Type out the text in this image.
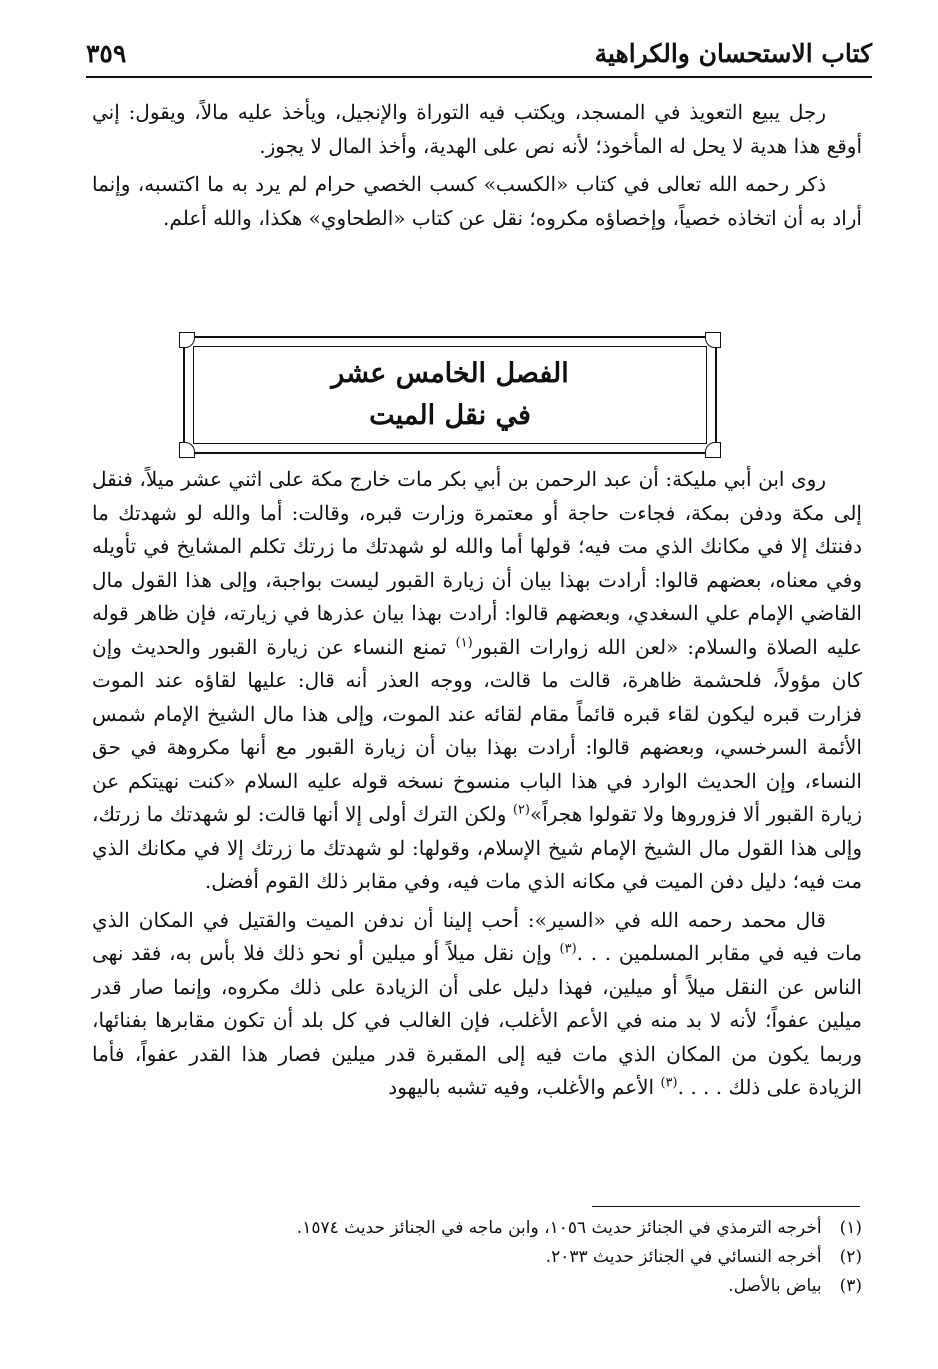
كتاب الاستحسان والكراهية
٣٥٩

رجل يبيع التعويذ في المسجد، ويكتب فيه التوراة والإنجيل، ويأخذ عليه مالاً، ويقول: إني أوقع هذا هدية لا يحل له المأخوذ؛ لأنه نص على الهدية، وأخذ المال لا يجوز.

ذكر رحمه الله تعالى في كتاب «الكسب» كسب الخصي حرام لم يرد به ما اكتسبه، وإنما أراد به أن اتخاذه خصياً، وإخصاؤه مكروه؛ نقل عن كتاب «الطحاوي» هكذا، والله أعلم.

الفصل الخامس عشر
في نقل الميت

روى ابن أبي مليكة: أن عبد الرحمن بن أبي بكر مات خارج مكة على اثني عشر ميلاً، فنقل إلى مكة ودفن بمكة، فجاءت حاجة أو معتمرة وزارت قبره، وقالت: أما والله لو شهدتك ما دفنتك إلا في مكانك الذي مت فيه؛ قولها أما والله لو شهدتك ما زرتك تكلم المشايخ في تأويله وفي معناه، بعضهم قالوا: أرادت بهذا بيان أن زيارة القبور ليست بواجبة، وإلى هذا القول مال القاضي الإمام علي السغدي، وبعضهم قالوا: أرادت بهذا بيان عذرها في زيارته، فإن ظاهر قوله عليه الصلاة والسلام: «لعن الله زوارات القبور$^{(١)}$ تمنع النساء عن زيارة القبور والحديث وإن كان مؤولاً، فلحشمة ظاهرة، قالت ما قالت، ووجه العذر أنه قال: عليها لقاؤه عند الموت فزارت قبره ليكون لقاء قبره قائماً مقام لقائه عند الموت، وإلى هذا مال الشيخ الإمام شمس الأئمة السرخسي، وبعضهم قالوا: أرادت بهذا بيان أن زيارة القبور مع أنها مكروهة في حق النساء، وإن الحديث الوارد في هذا الباب منسوخ نسخه قوله عليه السلام «كنت نهيتكم عن زيارة القبور ألا فزوروها ولا تقولوا هجراً»$^{(٢)}$ ولكن الترك أولى إلا أنها قالت: لو شهدتك ما زرتك، وإلى هذا القول مال الشيخ الإمام شيخ الإسلام، وقولها: لو شهدتك ما زرتك إلا في مكانك الذي مت فيه؛ دليل دفن الميت في مكانه الذي مات فيه، وفي مقابر ذلك القوم أفضل.

قال محمد رحمه الله في «السير»: أحب إلينا أن ندفن الميت والقتيل في المكان الذي مات فيه في مقابر المسلمين . . .$^{(٣)}$ وإن نقل ميلاً أو ميلين أو نحو ذلك فلا بأس به، فقد نهى الناس عن النقل ميلاً أو ميلين، فهذا دليل على أن الزيادة على ذلك مكروه، وإنما صار قدر ميلين عفواً؛ لأنه لا بد منه في الأعم الأغلب، فإن الغالب في كل بلد أن تكون مقابرها بفنائها، وربما يكون من المكان الذي مات فيه إلى المقبرة قدر ميلين فصار هذا القدر عفواً، فأما الزيادة على ذلك . . . .$^{(٣)}$ الأعم والأغلب، وفيه تشبه باليهود

(١)
أخرجه الترمذي في الجنائز حديث ١٠٥٦، وابن ماجه في الجنائز حديث ١٥٧٤.
(٢)
أخرجه النسائي في الجنائز حديث ٢٠٣٣.
(٣)
بياض بالأصل.
